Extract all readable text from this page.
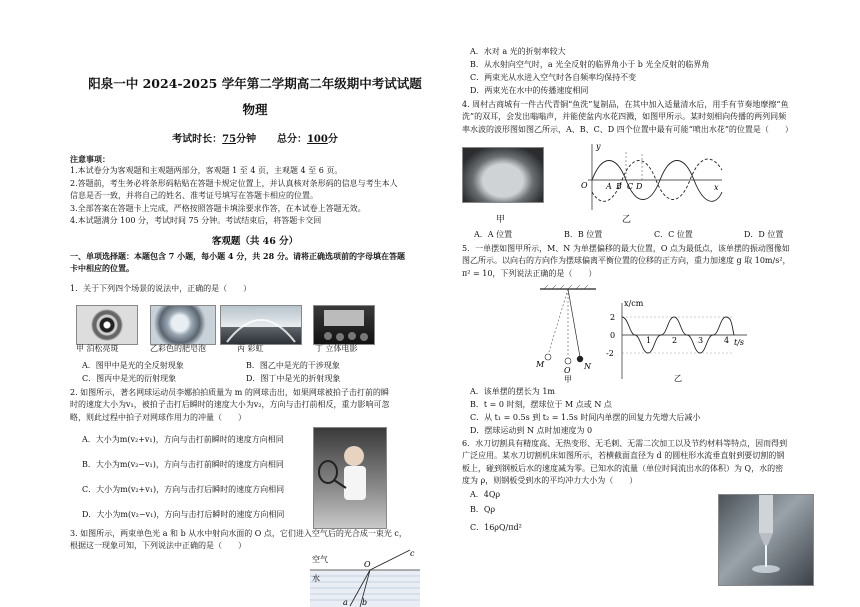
阳泉一中 2024-2025 学年第二学期高二年级期中考试试题
物理
考试时长：75分钟 总分：100分

注意事项：

1.本试卷分为客观题和主观题两部分，客观题 1 至 4 页，主观题 4 至 6 页。

2.答题前，考生务必将条形码粘贴在答题卡规定位置上，并认真核对条形码的信息与考生本人

信息是否一致，并将自己的姓名、准考证号填写在答题卡相应的位置。

3.全部答案在答题卡上完成，严格按照答题卡填涂要求作答，在本试卷上答题无效。

4.本试题满分 100 分，考试时间 75 分钟。考试结束后，将答题卡交回

客观题（共 46 分）

一、单项选择题：本题包含 7 小题，每小题 4 分，共 28 分。请将正确选项前的字母填在答题

卡中相应的位置。

1．关于下列四个场景的说法中，正确的是（　　）
甲 泊松亮斑	乙彩色的肥皂泡	丙 彩虹	丁 立体电影
A．图甲中是光的全反射现象	B．图乙中是光的干涉现象
C．图丙中是光的衍射现象	D．图丁中是光的折射现象

2. 如图所示，著名网球运动员李娜拍拍质量为 m 的网球击出，如果网球被拍子击打前的瞬

时的速度大小为v₁，被拍子击打后瞬时的速度大小为v₂，方向与击打前相反，重力影响可忽

略，则此过程中拍子对网球作用力的冲量（　　）

A．大小为m(v₂+v₁)，方向与击打前瞬时的速度方向相同
B．大小为m(v₂−v₁)，方向与击打前瞬时的速度方向相同
C．大小为m(v₂+v₁)，方向与击打后瞬时的速度方向相同
D．大小为m(v₂−v₁)，方向与击打后瞬时的速度方向相同

3. 如图所示，两束单色光 a 和 b 从水中射向水面的 O 点，它们进入空气后的光合成一束光 c，

根据这一现象可知，下列说法中正确的是（　　）

空气
水
O
c
a b
A．水对 a 光的折射率较大
B．从水射向空气时，a 光全反射的临界角小于 b 光全反射的临界角
C．两束光从水进入空气时各自频率均保持不变
D．两束光在水中的传播速度相同

4. 周村古商城有一件古代青铜“鱼洗”复制品，在其中加入适量清水后，用手有节奏地摩擦“鱼

洗”的双耳，会发出嗡嗡声，并能使盆内水花四溅，如图甲所示。某时刻相向传播的两列同频

率水波的波形图如图乙所示，A、B、C、D 四个位置中最有可能“喷出水花”的位置是（　　）

甲
y
x
O A B C D
乙
A．A 位置	B．B 位置	C．C 位置	D．D 位置

5．一单摆如图甲所示，M、N 为单摆偏移的最大位置，O 点为最低点，该单摆的振动图像如

图乙所示。以向右的方向作为摆球偏离平衡位置的位移的正方向，重力加速度 g 取 10m/s²，

π² = 10，下列说法正确的是（　　）

M
O N
甲
x/cm
t/s
2
0
-2
1	2	3	4
乙
A．该单摆的摆长为 1m
B．t = 0 时刻，摆球位于 M 点或 N 点
C．从 t₁ = 0.5s 到 t₂ = 1.5s 时间内单摆的回复力先增大后减小
D．摆球运动到 N 点时加速度为 0

6．水刀切割具有精度高、无热变形、无毛刺、无需二次加工以及节约材料等特点，因而得到

广泛应用。某水刀切割机床如图所示，若横截面直径为 d 的圆柱形水流垂直射到要切割的钢

板上，碰到钢板后水的速度减为零。已知水的流量（单位时间流出水的体积）为 Q，水的密

度为 ρ，则钢板受到水的平均冲力大小为（　　）

A．4Qρ
B．Qρ
C．16ρQ/πd²
